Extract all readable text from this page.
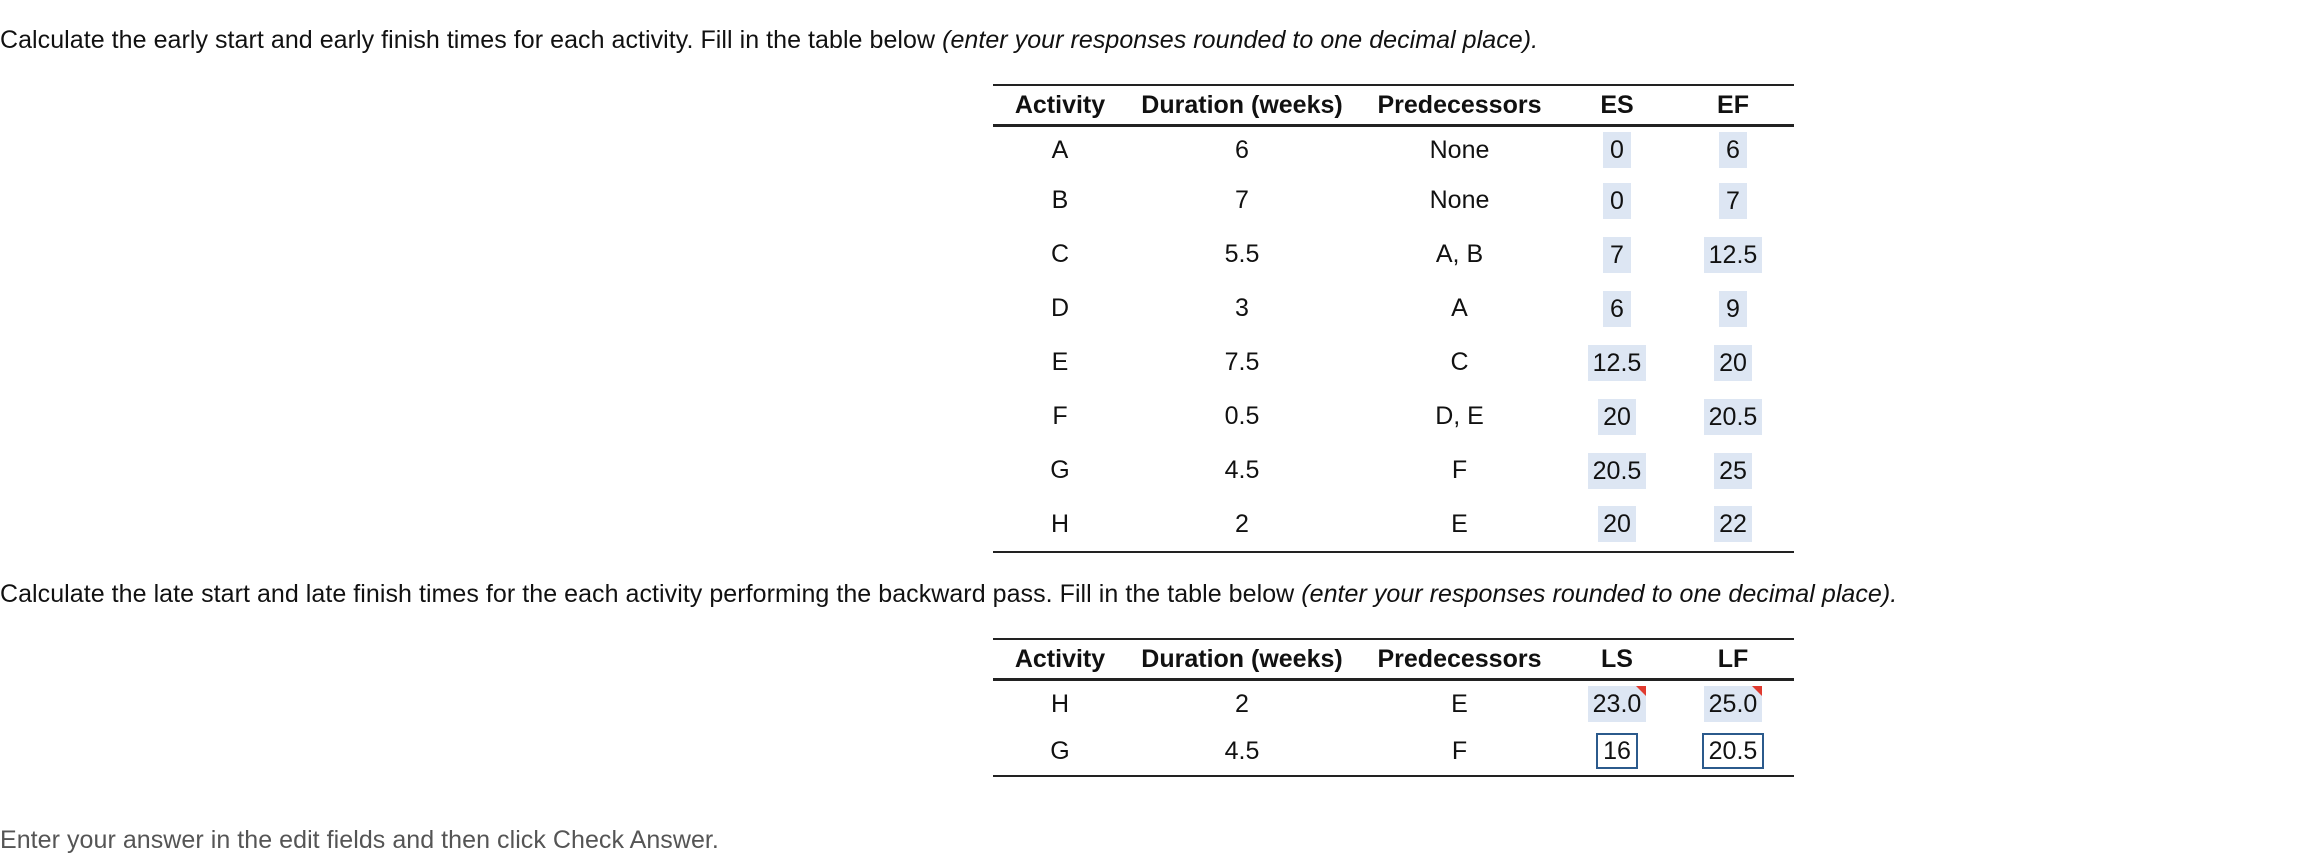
Calculate the early start and early finish times for each activity. Fill in the table below (enter your responses rounded to one decimal place).
Activity	Duration (weeks)	Predecessors	ES	EF
A	6	None	0	6
B	7	None	0	7
C	5.5	A, B	7	12.5
D	3	A	6	9
E	7.5	C	12.5	20
F	0.5	D, E	20	20.5
G	4.5	F	20.5	25
H	2	E	20	22
Calculate the late start and late finish times for the each activity performing the backward pass. Fill in the table below (enter your responses rounded to one decimal place).
Activity	Duration (weeks)	Predecessors	LS	LF
H	2	E	23.0	25.0
G	4.5	F	16	20.5
Enter your answer in the edit fields and then click Check Answer.
